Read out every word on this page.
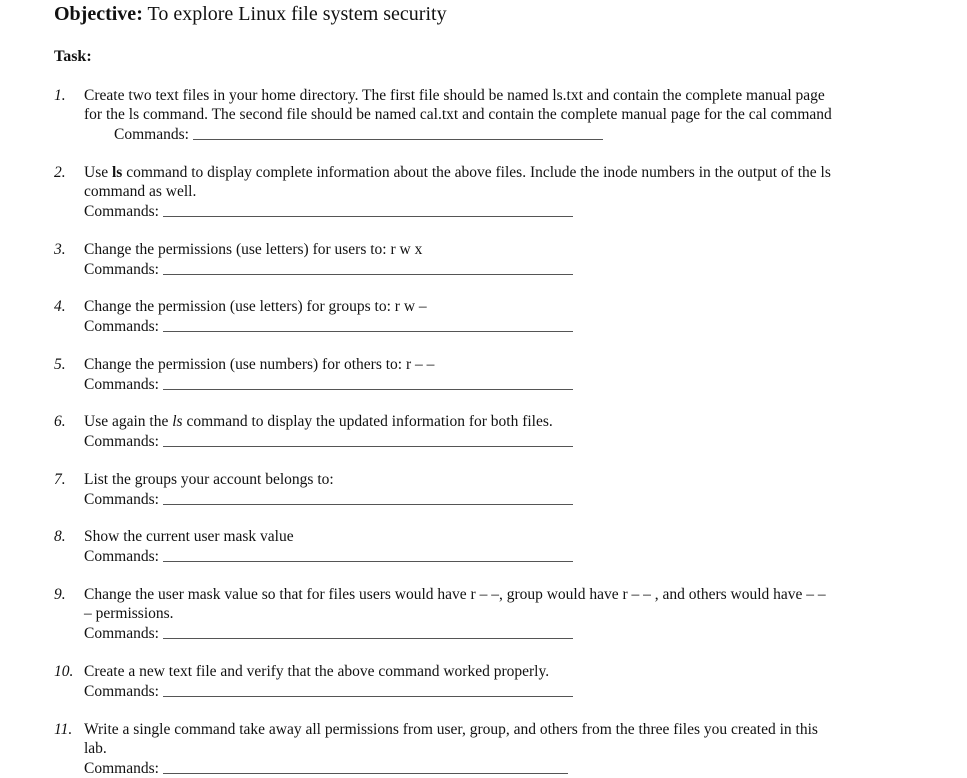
Objective: To explore Linux file system security
Task:
1. Create two text files in your home directory. The first file should be named ls.txt and contain the complete manual page
for the ls command. The second file should be named cal.txt and contain the complete manual page for the cal command
Commands:
2. Use ls command to display complete information about the above files. Include the inode numbers in the output of the ls
command as well.
Commands:
3. Change the permissions (use letters) for users to: r w x
Commands:
4. Change the permission (use letters) for groups to: r w –
Commands:
5. Change the permission (use numbers) for others to: r – –
Commands:
6. Use again the ls command to display the updated information for both files.
Commands:
7. List the groups your account belongs to:
Commands:
8. Show the current user mask value
Commands:
9. Change the user mask value so that for files users would have r – –, group would have r – – , and others would have – –
– permissions.
Commands:
10. Create a new text file and verify that the above command worked properly.
Commands:
11. Write a single command take away all permissions from user, group, and others from the three files you created in this
lab.
Commands:
